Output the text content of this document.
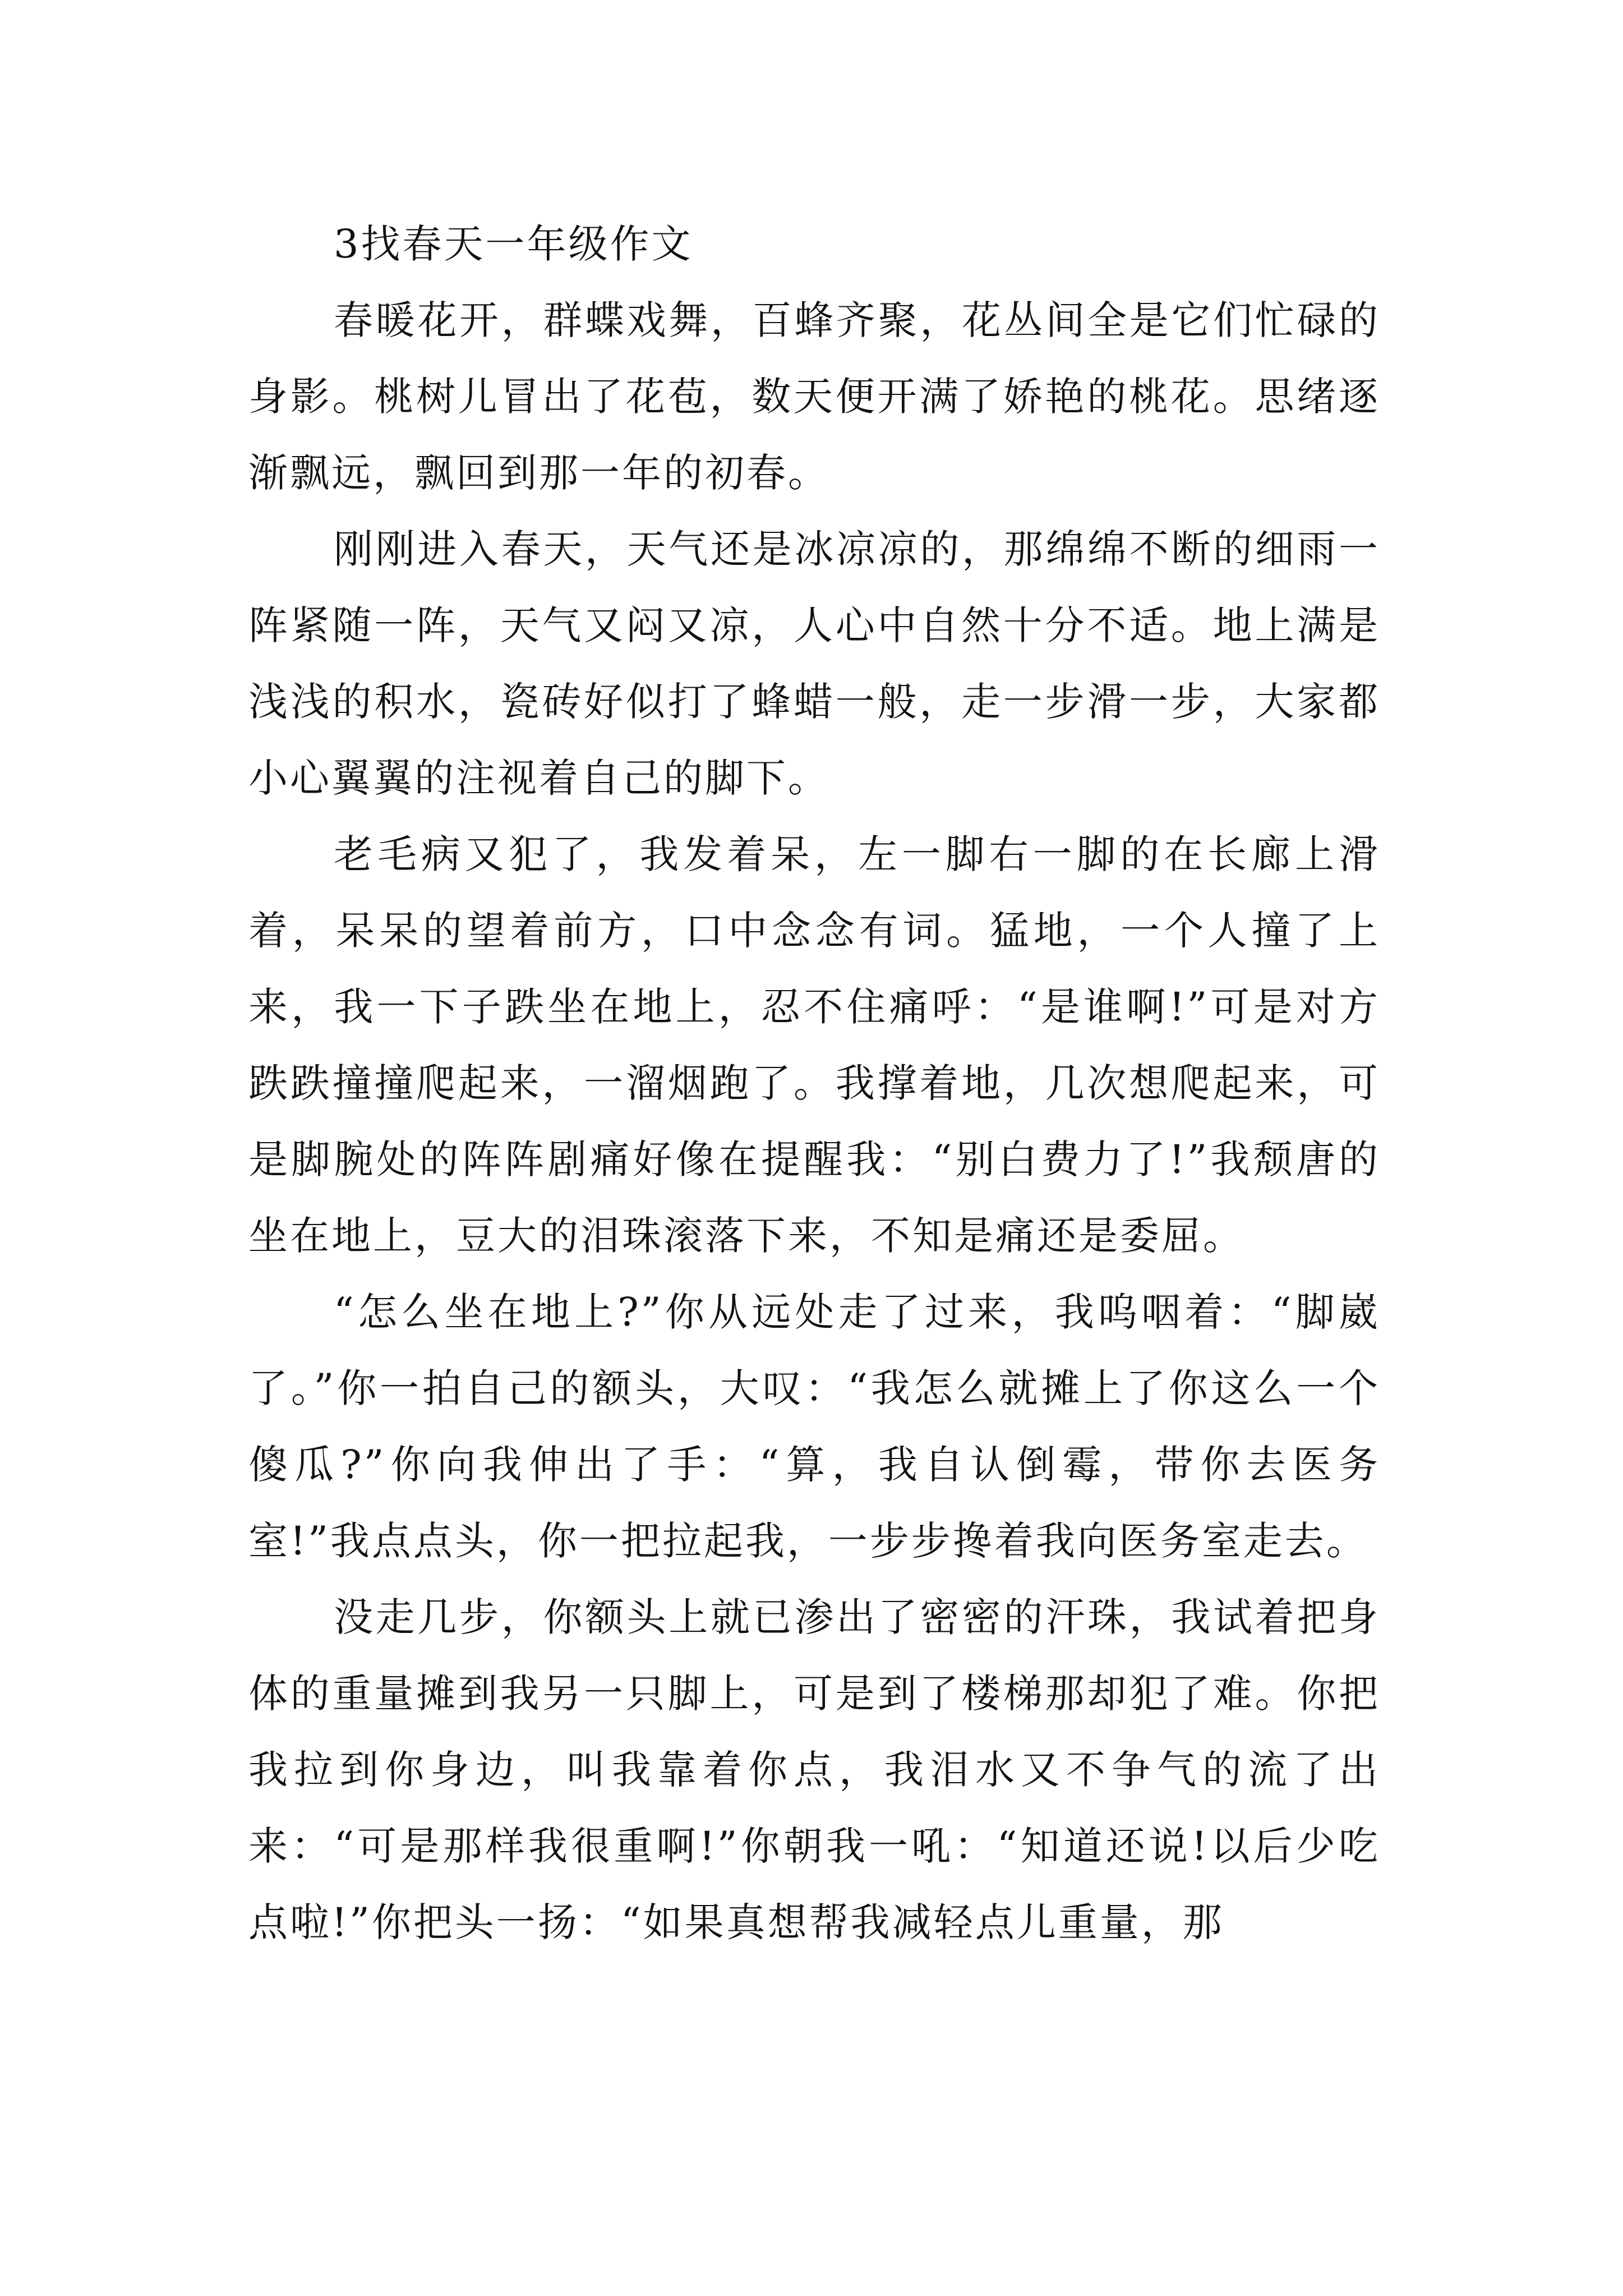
3找春天一年级作文

春暖花开，群蝶戏舞，百蜂齐聚，花丛间全是它们忙碌的身影。桃树儿冒出了花苞，数天便开满了娇艳的桃花。思绪逐渐飘远，飘回到那一年的初春。

刚刚进入春天，天气还是冰凉凉的，那绵绵不断的细雨一阵紧随一阵，天气又闷又凉，人心中自然十分不适。地上满是浅浅的积水，瓷砖好似打了蜂蜡一般，走一步滑一步，大家都小心翼翼的注视着自己的脚下。

老毛病又犯了，我发着呆，左一脚右一脚的在长廊上滑着，呆呆的望着前方，口中念念有词。猛地，一个人撞了上来，我一下子跌坐在地上，忍不住痛呼：“是谁啊!”可是对方跌跌撞撞爬起来，一溜烟跑了。我撑着地，几次想爬起来，可是脚腕处的阵阵剧痛好像在提醒我：“别白费力了!”我颓唐的坐在地上，豆大的泪珠滚落下来，不知是痛还是委屈。

“怎么坐在地上?”你从远处走了过来，我呜咽着：“脚崴了。”你一拍自己的额头，大叹：“我怎么就摊上了你这么一个傻瓜?”你向我伸出了手：“算，我自认倒霉，带你去医务室!”我点点头，你一把拉起我，一步步搀着我向医务室走去。

没走几步，你额头上就已渗出了密密的汗珠，我试着把身体的重量摊到我另一只脚上，可是到了楼梯那却犯了难。你把我拉到你身边，叫我靠着你点，我泪水又不争气的流了出来：“可是那样我很重啊!”你朝我一吼：“知道还说!以后少吃点啦!”你把头一扬：“如果真想帮我减轻点儿重量，那
